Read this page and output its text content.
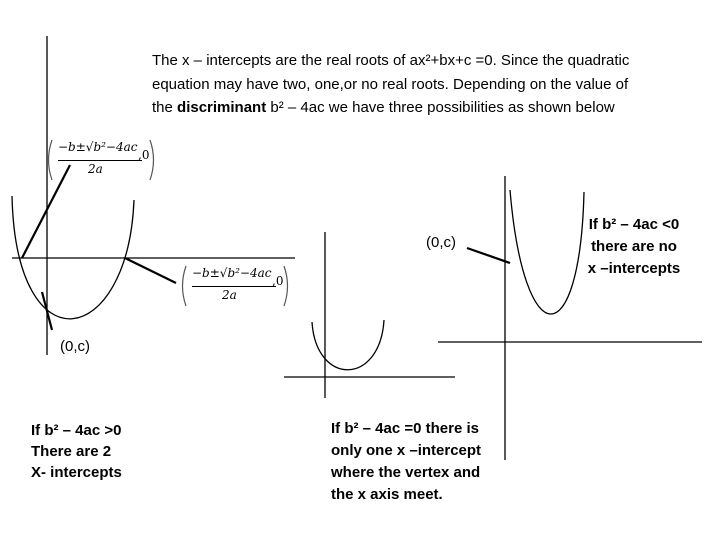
The x – intercepts are the real roots of ax²+bx+c =0. Since the quadratic
equation may have two, one,or no real roots. Depending on the value of
the discriminant b² – 4ac we have three possibilities as shown below
−b±√b²−4ac
2a
,0
−b±√b²−4ac
2a
,0
(0,c)
(0,c)
If b² – 4ac >0
There are 2
X- intercepts
If b² – 4ac =0 there is
only one x –intercept
where the vertex and
the x axis meet.
If b² – 4ac <0
there are no
x –intercepts
